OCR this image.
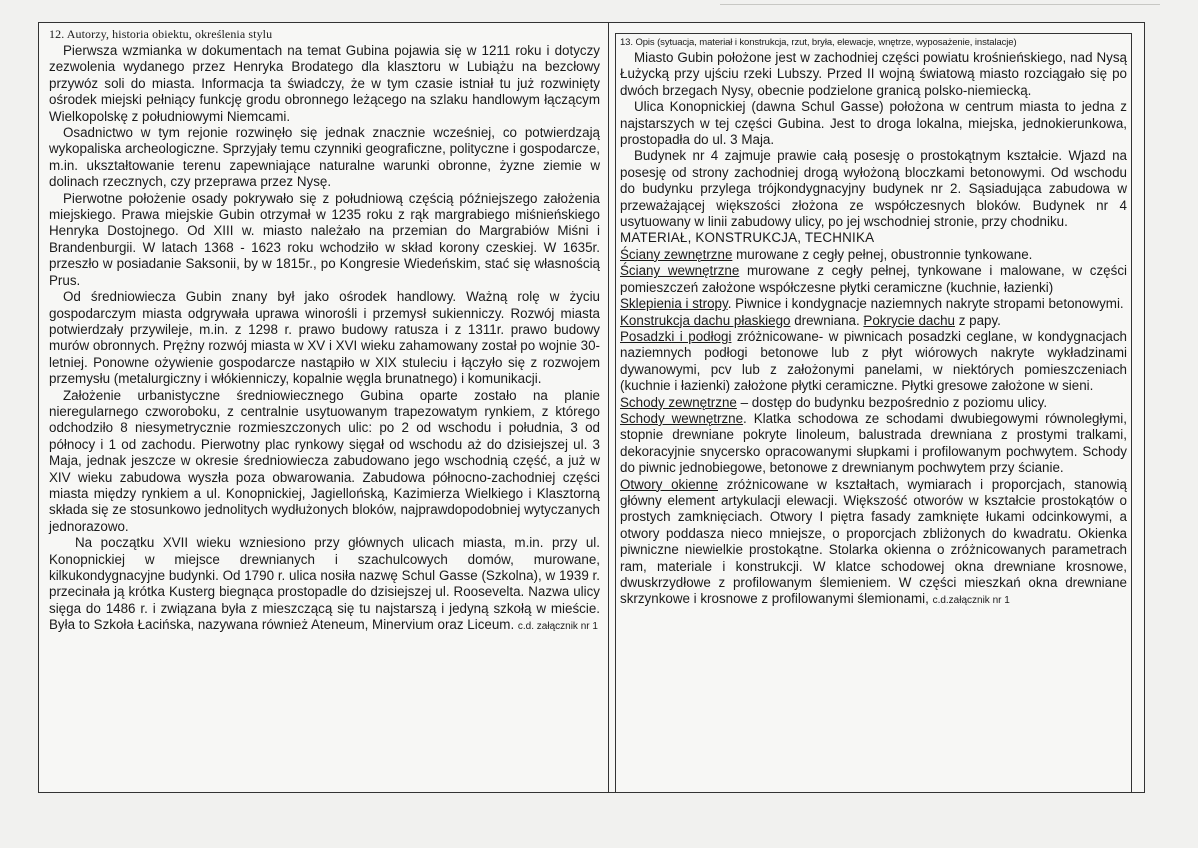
12. Autorzy, historia obiektu, określenia stylu

Pierwsza wzmianka w dokumentach na temat Gubina pojawia się w 1211 roku i dotyczy zezwolenia wydanego przez Henryka Brodatego dla klasztoru w Lubiążu na bezcłowy przywóz soli do miasta. Informacja ta świadczy, że w tym czasie istniał tu już rozwinięty ośrodek miejski pełniący funkcję grodu obronnego leżącego na szlaku handlowym łączącym Wielkopolskę z południowymi Niemcami.

Osadnictwo w tym rejonie rozwinęło się jednak znacznie wcześniej, co potwierdzają wykopaliska archeologiczne. Sprzyjały temu czynniki geograficzne, polityczne i gospodarcze, m.in. ukształtowanie terenu zapewniające naturalne warunki obronne, żyzne ziemie w dolinach rzecznych, czy przeprawa przez Nysę.

Pierwotne położenie osady pokrywało się z południową częścią późniejszego założenia miejskiego. Prawa miejskie Gubin otrzymał w 1235 roku z rąk margrabiego miśnieńskiego Henryka Dostojnego. Od XIII w. miasto należało na przemian do Margrabiów Miśni i Brandenburgii. W latach 1368 - 1623 roku wchodziło w skład korony czeskiej. W 1635r. przeszło w posiadanie Saksonii, by w 1815r., po Kongresie Wiedeńskim, stać się własnością Prus.

Od średniowiecza Gubin znany był jako ośrodek handlowy. Ważną rolę w życiu gospodarczym miasta odgrywała uprawa winorośli i przemysł sukienniczy. Rozwój miasta potwierdzały przywileje, m.in. z 1298 r. prawo budowy ratusza i z 1311r. prawo budowy murów obronnych. Prężny rozwój miasta w XV i XVI wieku zahamowany został po wojnie 30-letniej. Ponowne ożywienie gospodarcze nastąpiło w XIX stuleciu i łączyło się z rozwojem przemysłu (metalurgiczny i włókienniczy, kopalnie węgla brunatnego) i komunikacji.

Założenie urbanistyczne średniowiecznego Gubina oparte zostało na planie nieregularnego czworoboku, z centralnie usytuowanym trapezowatym rynkiem, z którego odchodziło 8 niesymetrycznie rozmieszczonych ulic: po 2 od wschodu i południa, 3 od północy i 1 od zachodu. Pierwotny plac rynkowy sięgał od wschodu aż do dzisiejszej ul. 3 Maja, jednak jeszcze w okresie średniowiecza zabudowano jego wschodnią część, a już w XIV wieku zabudowa wyszła poza obwarowania. Zabudowa północno-zachodniej części miasta między rynkiem a ul. Konopnickiej, Jagiellońską, Kazimierza Wielkiego i Klasztorną składa się ze stosunkowo jednolitych wydłużonych bloków, najprawdopodobniej wytyczanych jednorazowo.

Na początku XVII wieku wzniesiono przy głównych ulicach miasta, m.in. przy ul. Konopnickiej w miejsce drewnianych i szachulcowych domów, murowane, kilkukondygnacyjne budynki. Od 1790 r. ulica nosiła nazwę Schul Gasse (Szkolna), w 1939 r. przecinała ją krótka Kusterg biegnąca prostopadle do dzisiejszej ul. Roosevelta. Nazwa ulicy sięga do 1486 r. i związana była z mieszczącą się tu najstarszą i jedyną szkołą w mieście. Była to Szkoła Łacińska, nazywana również Ateneum, Minervium oraz Liceum. c.d. załącznik nr 1

13. Opis (sytuacja, materiał i konstrukcja, rzut, bryła, elewacje, wnętrze, wyposażenie, instalacje)

Miasto Gubin położone jest w zachodniej części powiatu krośnieńskiego, nad Nysą Łużycką przy ujściu rzeki Lubszy. Przed II wojną światową miasto rozciągało się po dwóch brzegach Nysy, obecnie podzielone granicą polsko-niemiecką.

Ulica Konopnickiej (dawna Schul Gasse) położona w centrum miasta to jedna z najstarszych w tej części Gubina. Jest to droga lokalna, miejska, jednokierunkowa, prostopadła do ul. 3 Maja.

Budynek nr 4 zajmuje prawie całą posesję o prostokątnym kształcie. Wjazd na posesję od strony zachodniej drogą wyłożoną bloczkami betonowymi. Od wschodu do budynku przylega trójkondygnacyjny budynek nr 2. Sąsiadująca zabudowa w przeważającej większości złożona ze współczesnych bloków. Budynek nr 4 usytuowany w linii zabudowy ulicy, po jej wschodniej stronie, przy chodniku.

MATERIAŁ, KONSTRUKCJA, TECHNIKA

Ściany zewnętrzne murowane z cegły pełnej, obustronnie tynkowane.

Ściany wewnętrzne murowane z cegły pełnej, tynkowane i malowane, w części pomieszczeń założone współczesne płytki ceramiczne (kuchnie, łazienki)

Sklepienia i stropy. Piwnice i kondygnacje naziemnych nakryte stropami betonowymi.

Konstrukcja dachu płaskiego drewniana. Pokrycie dachu z papy.

Posadzki i podłogi zróżnicowane- w piwnicach posadzki ceglane, w kondygnacjach naziemnych podłogi betonowe lub z płyt wiórowych nakryte wykładzinami dywanowymi, pcv lub z założonymi panelami, w niektórych pomieszczeniach (kuchnie i łazienki) założone płytki ceramiczne. Płytki gresowe założone w sieni.

Schody zewnętrzne – dostęp do budynku bezpośrednio z poziomu ulicy.

Schody wewnętrzne. Klatka schodowa ze schodami dwubiegowymi równoległymi, stopnie drewniane pokryte linoleum, balustrada drewniana z prostymi tralkami, dekoracyjnie snycersko opracowanymi słupkami i profilowanym pochwytem. Schody do piwnic jednobiegowe, betonowe z drewnianym pochwytem przy ścianie.

Otwory okienne zróżnicowane w kształtach, wymiarach i proporcjach, stanowią główny element artykulacji elewacji. Większość otworów w kształcie prostokątów o prostych zamknięciach. Otwory I piętra fasady zamknięte łukami odcinkowymi, a otwory poddasza nieco mniejsze, o proporcjach zbliżonych do kwadratu. Okienka piwniczne niewielkie prostokątne. Stolarka okienna o zróżnicowanych parametrach ram, materiale i konstrukcji. W klatce schodowej okna drewniane krosnowe, dwuskrzydłowe z profilowanym ślemieniem. W części mieszkań okna drewniane skrzynkowe i krosnowe z profilowanymi ślemionami, c.d.załącznik nr 1
